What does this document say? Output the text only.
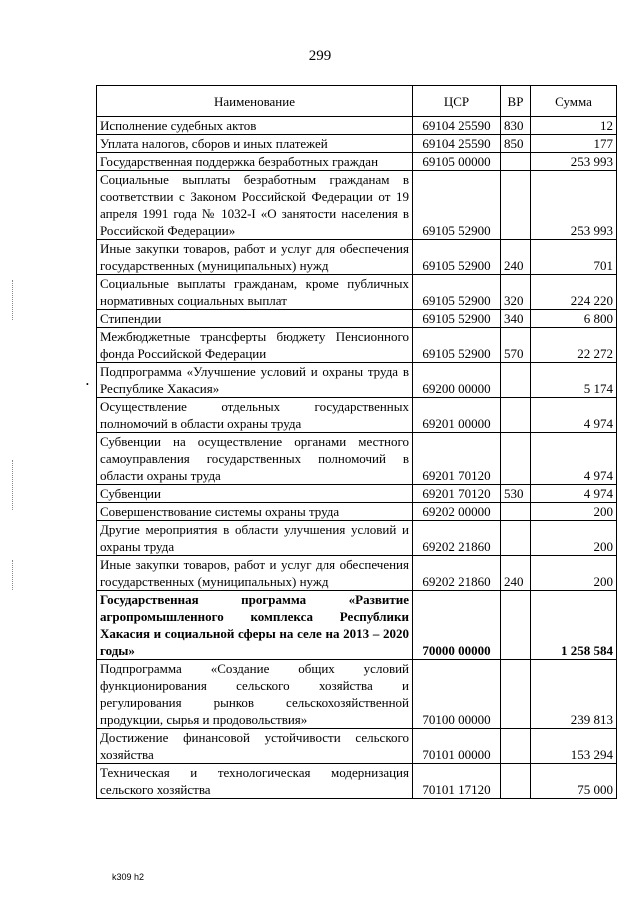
299
•
Наименование	ЦСР	ВР	Сумма
Исполнение судебных актов	69104 25590	830	12
Уплата налогов, сборов и иных платежей	69104 25590	850	177
Государственная поддержка безработных граждан	69105 00000		253 993
Социальные выплаты безработным гражданам в соответствии с Законом Российской Федерации от 19 апреля 1991 года № 1032-I «О занятости населения в Российской Федерации»	69105 52900		253 993
Иные закупки товаров, работ и услуг для обеспечения государственных (муниципальных) нужд	69105 52900	240	701
Социальные выплаты гражданам, кроме публичных нормативных социальных выплат	69105 52900	320	224 220
Стипендии	69105 52900	340	6 800
Межбюджетные трансферты бюджету Пенсионного фонда Российской Федерации	69105 52900	570	22 272
Подпрограмма «Улучшение условий и охраны труда в Республике Хакасия»	69200 00000		5 174
Осуществление отдельных государственных полномочий в области охраны труда	69201 00000		4 974
Субвенции на осуществление органами местного самоуправления государственных полномочий в области охраны труда	69201 70120		4 974
Субвенции	69201 70120	530	4 974
Совершенствование системы охраны труда	69202 00000		200
Другие мероприятия в области улучшения условий и охраны труда	69202 21860		200
Иные закупки товаров, работ и услуг для обеспечения государственных (муниципальных) нужд	69202 21860	240	200
Государственная программа «Развитие агропромышленного комплекса Республики Хакасия и социальной сферы на селе на 2013 – 2020 годы»	70000 00000		1 258 584
Подпрограмма «Создание общих условий функционирования сельского хозяйства и регулирования рынков сельскохозяйственной продукции, сырья и продовольствия»	70100 00000		239 813
Достижение финансовой устойчивости сельского хозяйства	70101 00000		153 294
Техническая и технологическая модернизация сельского хозяйства	70101 17120		75 000
k309 h2
